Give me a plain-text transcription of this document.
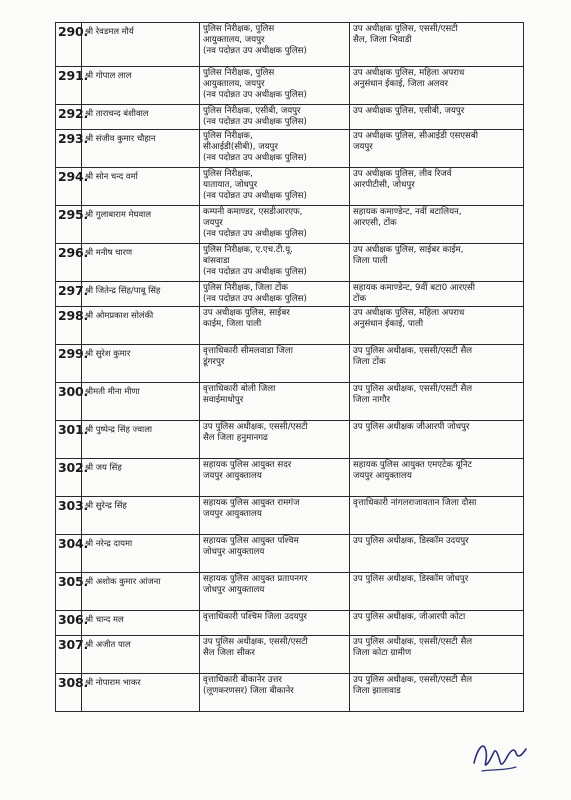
290.	श्री रेवडमल मौर्य	पुलिस निरीक्षक, पुलिस
आयुक्तालय, जयपुर
(नव पदोन्नत उप अधीक्षक पुलिस)	उप अधीक्षक पुलिस, एससी/एसटी
सैल, जिला भिवाडी
291.	श्री गोपाल लाल	पुलिस निरीक्षक, पुलिस
आयुक्तालय, जयपुर
(नव पदोन्नत उप अधीक्षक पुलिस)	उप अधीक्षक पुलिस, महिला अपराध
अनुसंधान ईकाई, जिला अलवर
292.	श्री ताराचन्द बंशीवाल	पुलिस निरीक्षक, एसीबी, जयपुर
(नव पदोन्नत उप अधीक्षक पुलिस)	उप अधीक्षक पुलिस, एसीबी, जयपुर
293.	श्री संजीव कुमार चौहान	पुलिस निरीक्षक,
सीआईडी(सीबी), जयपुर
(नव पदोन्नत उप अधीक्षक पुलिस)	उप अधीक्षक पुलिस, सीआईडी एसएसबी
जयपुर
294.	श्री सोन चन्द वर्मा	पुलिस निरीक्षक,
यातायात, जोधपुर
(नव पदोन्नत उप अधीक्षक पुलिस)	उप अधीक्षक पुलिस, लीव रिजर्व
आरपीटीसी, जोधपुर
295.	श्री गुलाबाराम मेघवाल	कम्पनी कमाण्डर, एसडीआरएफ,
जयपुर
(नव पदोन्नत उप अधीक्षक पुलिस)	सहायक कमाण्डेन्ट, नवीं बटालियन,
आरएसी, टोंक
296.	श्री मनीष चारण	पुलिस निरीक्षक, ए.एच.टी.यू.
बांसवाडा
(नव पदोन्नत उप अधीक्षक पुलिस)	उप अधीक्षक पुलिस, साईबर काईम,
जिला पाली
297.	श्री जितेन्द्र सिंह/पाबू सिंह	पुलिस निरीक्षक, जिला टोंक
(नव पदोन्नत उप अधीक्षक पुलिस)	सहायक कमाण्डेन्ट, 9वीं बटा0 आरएसी
टोंक
298.	श्री ओमप्रकाश सोलंकी	उप अधीक्षक पुलिस, साईबर
काईम, जिला पाली	उप अधीक्षक पुलिस, महिला अपराध
अनुसंधान ईकाई, पाली
299.	श्री सुरेश कुमार	वृत्ताधिकारी सीमलवाडा जिला
डूंगरपुर	उप पुलिस अधीक्षक, एससी/एसटी सैल
जिला टोंक
300.	श्रीमती मीना मीणा	वृत्ताधिकारी बोली जिला
सवाईमाधोपुर	उप पुलिस अधीक्षक, एससी/एसटी सैल
जिला नागौर
301.	श्री पुष्पेन्द्र सिंह ज्वाला	उप पुलिस अधीक्षक, एससी/एसटी
सैल जिला हनुमानगढ	उप पुलिस अधीक्षक जीआरपी जोधपुर
302.	श्री जय सिंह	सहायक पुलिस आयुक्त सदर
जयपुर आयुक्तालय	सहायक पुलिस आयुक्त एमएटेक यूनिट
जयपुर आयुक्तालय
303.	श्री सुरेन्द्र सिंह	सहायक पुलिस आयुक्त रामगंज
जयपुर आयुक्तालय	वृत्ताधिकारी नांगलराजावतान जिला दौसा
304.	श्री नरेन्द्र दायमा	सहायक पुलिस आयुक्त पश्चिम
जोधपुर आयुक्तालय	उप पुलिस अधीक्षक, डिस्कॉम उदयपुर
305.	श्री अशोक कुमार आंजना	सहायक पुलिस आयुक्त प्रतापनगर
जोधपुर आयुक्तालय	उप पुलिस अधीक्षक, डिस्कॉम जोधपुर
306.	श्री चान्द मल	वृत्ताधिकारी पश्चिम जिला उदयपुर	उप पुलिस अधीक्षक, जीआरपी कोटा
307.	श्री अजीत पाल	उप पुलिस अधीक्षक, एससी/एसटी
सैल जिला सीकर	उप पुलिस अधीक्षक, एससी/एसटी सैल
जिला कोटा ग्रामीण
308.	श्री नोपाराम भाकर	वृत्ताधिकारी बीकानेर उत्तर
(लूणकरणसर) जिला बीकानेर	उप पुलिस अधीक्षक, एससी/एसटी सैल
जिला झालावाड
